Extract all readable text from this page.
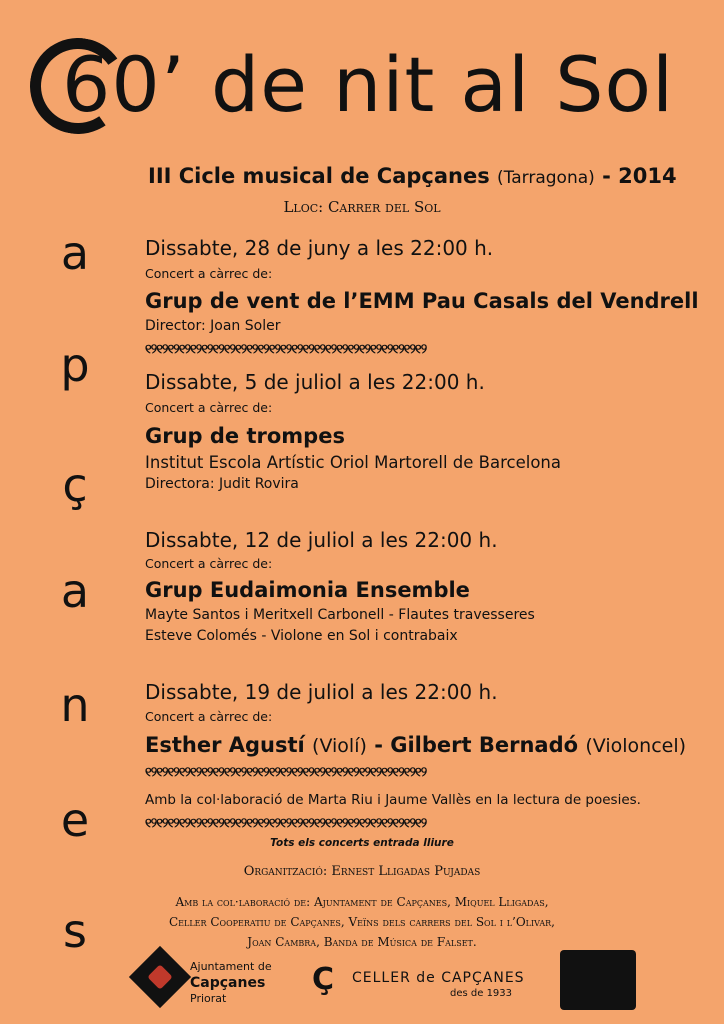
60’ de nit al Sol
III Cicle musical de Capçanes (Tarragona) - 2014
Lloc: Carrer del Sol
a
p
ç
a
n
e
s
Dissabte, 28 de juny a les 22:00 h.
Concert a càrrec de:
Grup de vent de l’EMM Pau Casals del Vendrell
Director: Joan Soler
୧୨୧୨୧୨୧୨୧୨୧୨୧୨୧୨୧୨୧୨୧୨୧୨୧୨୧୨୧୨୧୨୧୨୧୨୧୨୧୨୧୨୧୨୧୨୧୨୧୨
Dissabte, 5 de juliol a les 22:00 h.
Concert a càrrec de:
Grup de trompes
Institut Escola Artístic Oriol Martorell de Barcelona
Directora: Judit Rovira
Dissabte, 12 de juliol a les 22:00 h.
Concert a càrrec de:
Grup Eudaimonia Ensemble
Mayte Santos i Meritxell Carbonell - Flautes travesseres
Esteve Colomés - Violone en Sol i contrabaix
Dissabte, 19 de juliol a les 22:00 h.
Concert a càrrec de:
Esther Agustí (Violí) - Gilbert Bernadó (Violoncel)
୧୨୧୨୧୨୧୨୧୨୧୨୧୨୧୨୧୨୧୨୧୨୧୨୧୨୧୨୧୨୧୨୧୨୧୨୧୨୧୨୧୨୧୨୧୨୧୨୧୨
Amb la col·laboració de Marta Riu i Jaume Vallès en la lectura de poesies.
୧୨୧୨୧୨୧୨୧୨୧୨୧୨୧୨୧୨୧୨୧୨୧୨୧୨୧୨୧୨୧୨୧୨୧୨୧୨୧୨୧୨୧୨୧୨୧୨୧୨
Tots els concerts entrada lliure
Organització: Ernest Lligadas Pujadas
Amb la col·laboració de: Ajuntament de Capçanes, Miquel Lligadas,
Celler Cooperatiu de Capçanes, Veïns dels carrers del Sol i l’Olivar,
Joan Cambra, Banda de Música de Falset.
Ajuntament de
Capçanes
Priorat
Ç CELLER de CAPÇANES
des de 1933
